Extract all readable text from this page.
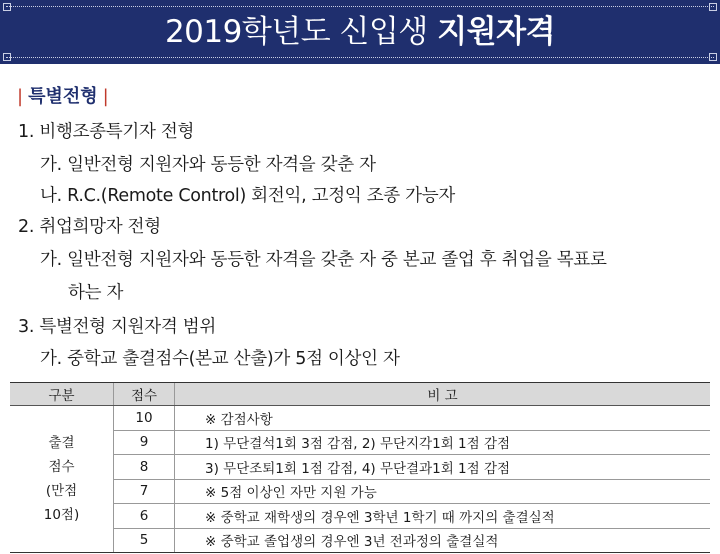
2019학년도 신입생 지원자격
| 특별전형 |
1. 비행조종특기자 전형
가. 일반전형 지원자와 동등한 자격을 갖춘 자
나. R.C.(Remote Control) 회전익, 고정익 조종 가능자
2. 취업희망자 전형
가. 일반전형 지원자와 동등한 자격을 갖춘 자 중 본교 졸업 후 취업을 목표로
하는 자
3. 특별전형 지원자격 범위
가. 중학교 출결점수(본교 산출)가 5점 이상인 자
구분	점수	비 고

출결
점수
(만점
10점)	10	※ 감점사항
	9	1) 무단결석1회 3점 감점, 2) 무단지각1회 1점 감점
	8	3) 무단조퇴1회 1점 감점, 4) 무단결과1회 1점 감점
	7	※ 5점 이상인 자만 지원 가능
	6	※ 중학교 재학생의 경우엔 3학년 1학기 때 까지의 출결실적
	5	※ 중학교 졸업생의 경우엔 3년 전과정의 출결실적
